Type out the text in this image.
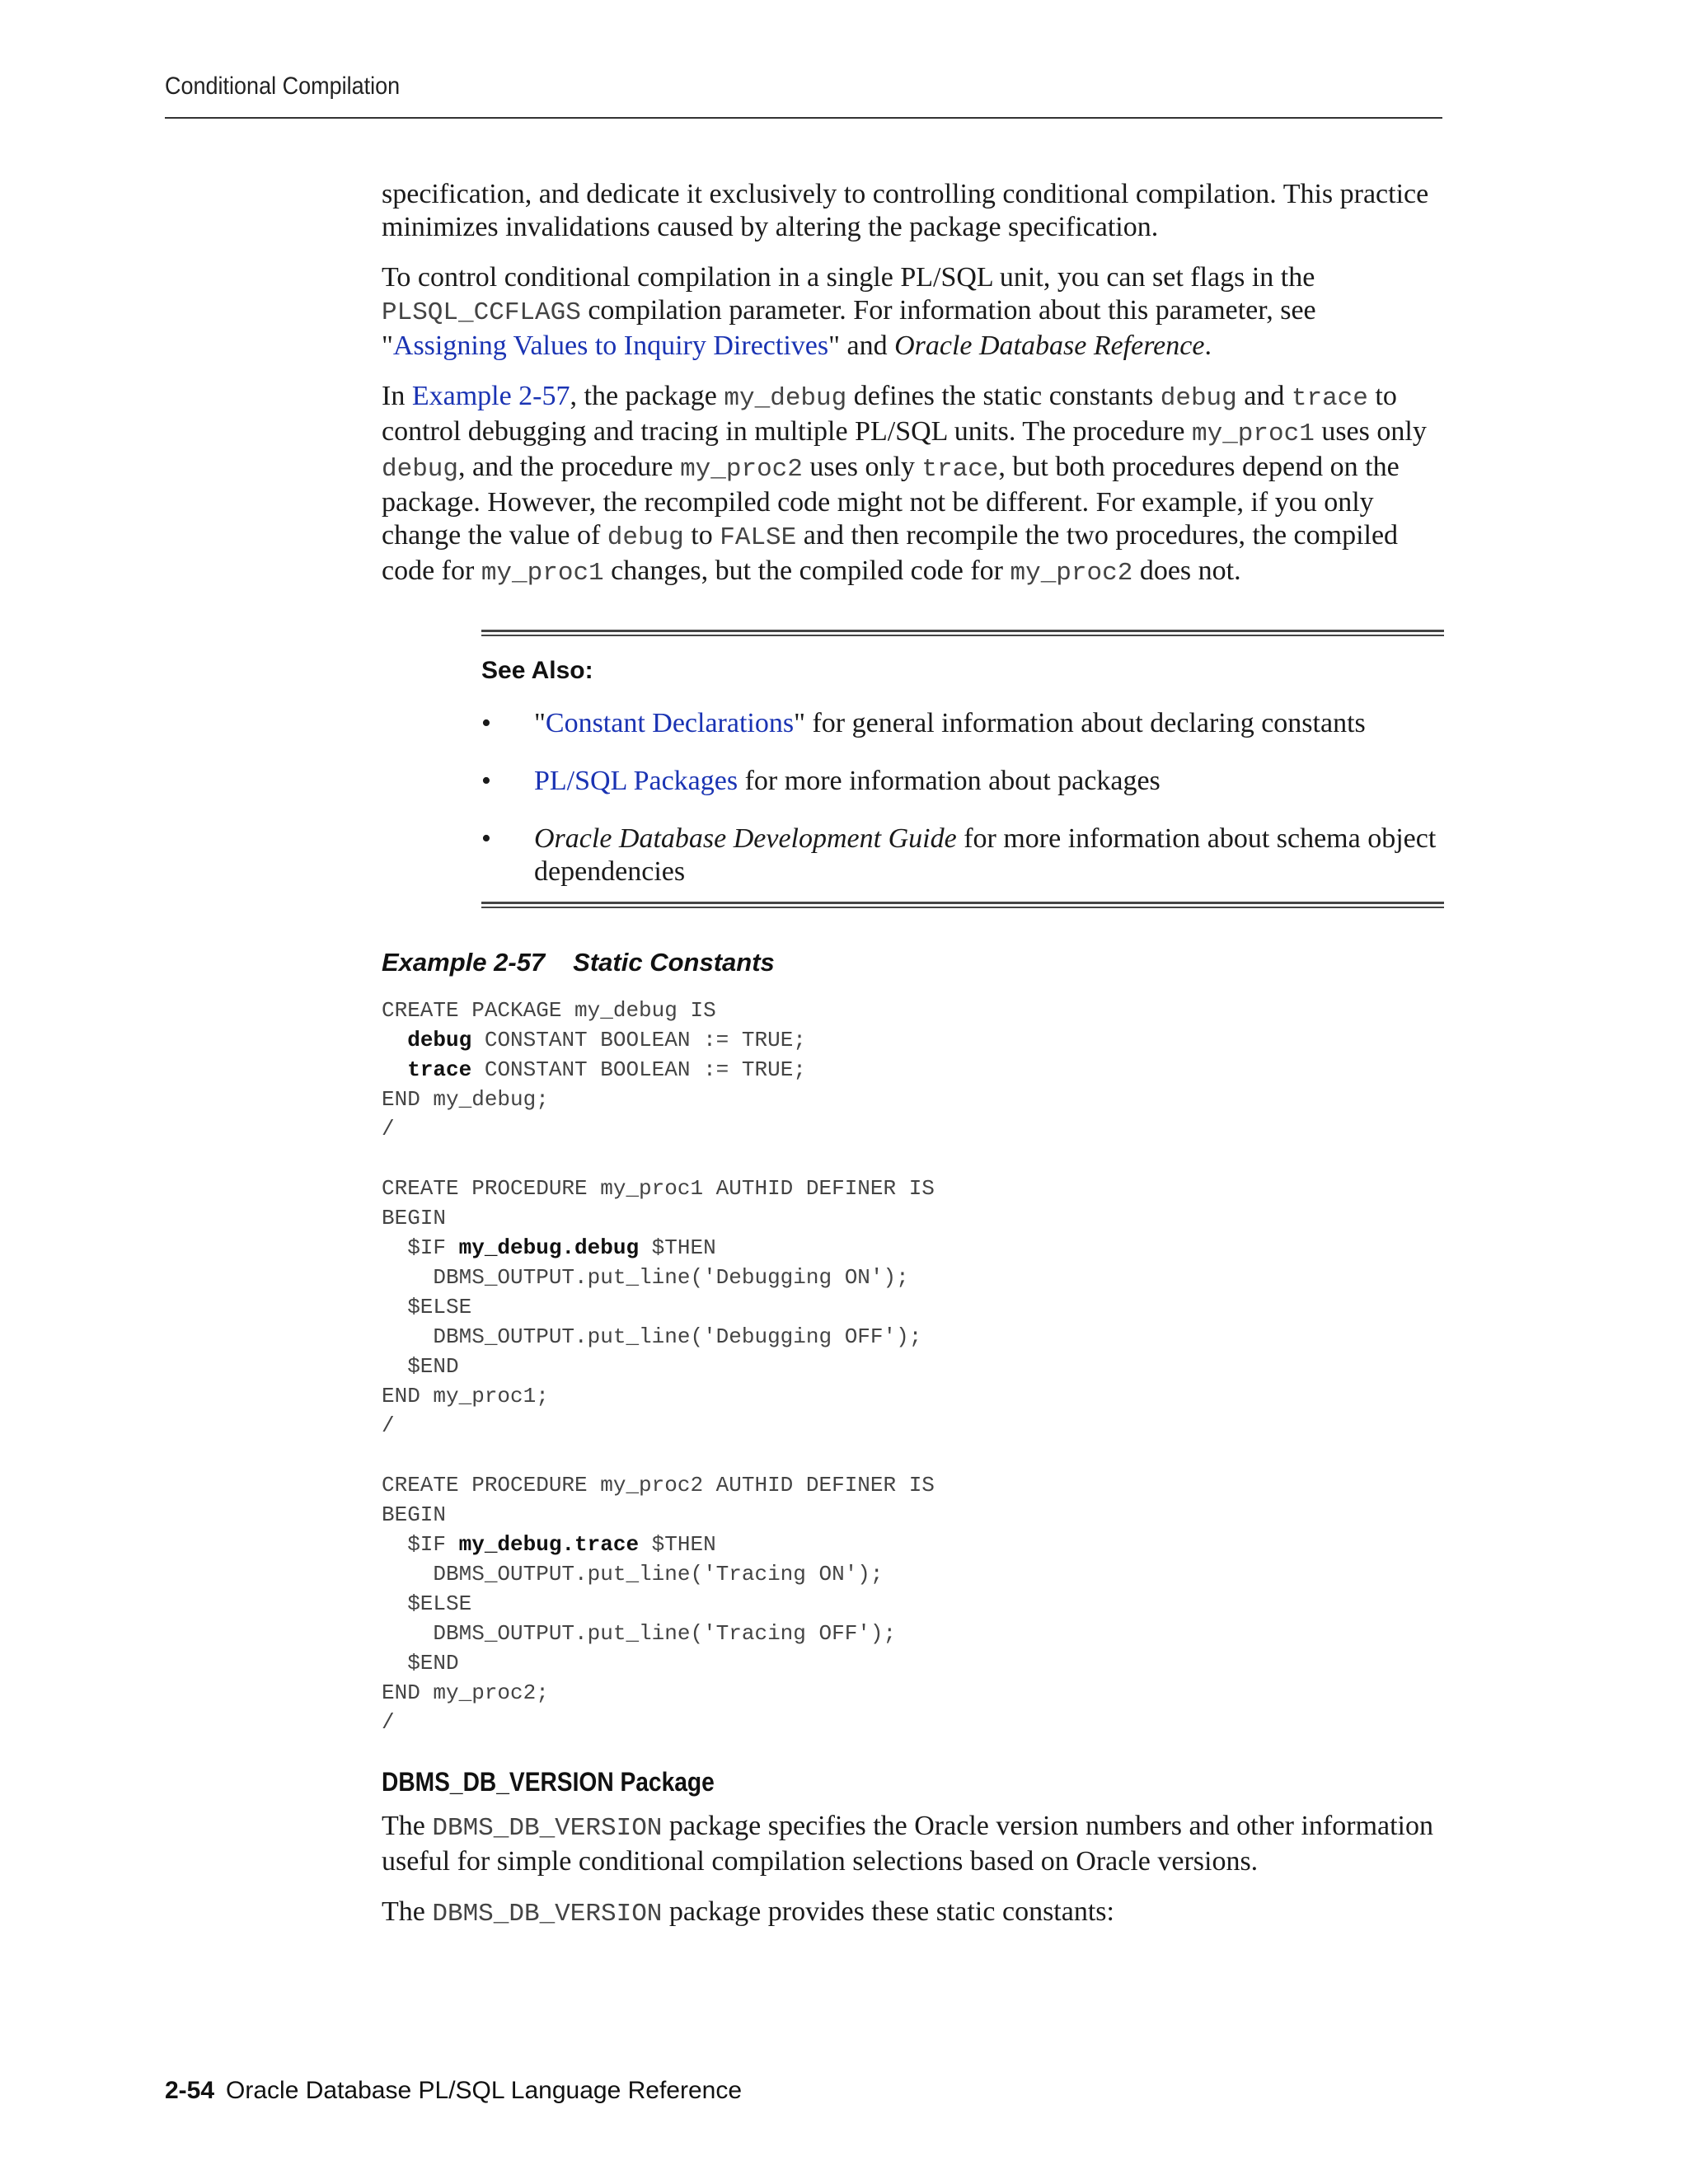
Conditional Compilation

specification, and dedicate it exclusively to controlling conditional compilation. This practice minimizes invalidations caused by altering the package specification.

To control conditional compilation in a single PL/SQL unit, you can set flags in the PLSQL_CCFLAGS compilation parameter. For information about this parameter, see "Assigning Values to Inquiry Directives" and Oracle Database Reference.

In Example 2-57, the package my_debug defines the static constants debug and trace to control debugging and tracing in multiple PL/SQL units. The procedure my_proc1 uses only debug, and the procedure my_proc2 uses only trace, but both procedures depend on the package. However, the recompiled code might not be different. For example, if you only change the value of debug to FALSE and then recompile the two procedures, the compiled code for my_proc1 changes, but the compiled code for my_proc2 does not.

See Also:
• "Constant Declarations" for general information about declaring constants
• PL/SQL Packages for more information about packages
• Oracle Database Development Guide for more information about schema object dependencies
Example 2-57 Static Constants
CREATE PACKAGE my_debug IS
debug CONSTANT BOOLEAN := TRUE;
trace CONSTANT BOOLEAN := TRUE;
END my_debug;
/

CREATE PROCEDURE my_proc1 AUTHID DEFINER IS
BEGIN
$IF my_debug.debug $THEN
DBMS_OUTPUT.put_line('Debugging ON');
$ELSE
DBMS_OUTPUT.put_line('Debugging OFF');
$END
END my_proc1;
/

CREATE PROCEDURE my_proc2 AUTHID DEFINER IS
BEGIN
$IF my_debug.trace $THEN
DBMS_OUTPUT.put_line('Tracing ON');
$ELSE
DBMS_OUTPUT.put_line('Tracing OFF');
$END
END my_proc2;
/
DBMS_DB_VERSION Package

The DBMS_DB_VERSION package specifies the Oracle version numbers and other information useful for simple conditional compilation selections based on Oracle versions.

The DBMS_DB_VERSION package provides these static constants:

2-54 Oracle Database PL/SQL Language Reference
